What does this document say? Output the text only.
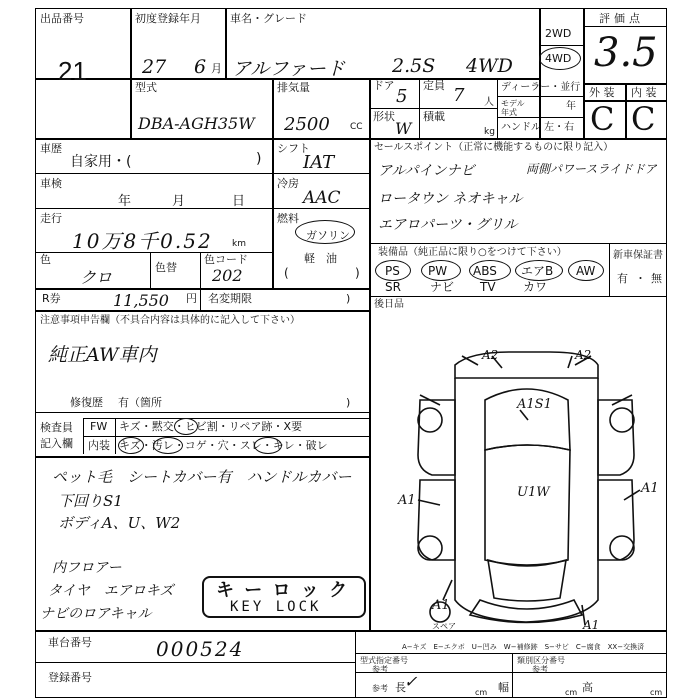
出品番号
21
初度登録年月
27 6 月
車名・グレード
アルファード 2.5S 4WD
2WD
4WD
評価点
3.5
型式
DBA-AGH35W
排気量
2500 CC
ドア
5
定員 7 人
形状
W
積載
kg
ディーラー・並行
モデル年式
年
ハンドル 左・右
外 装 内 装
C C
車歴
自家用・(	)
車検
年	月	日
走行
10万8千0.52 km
色
クロ
色替
色コード
202
シフト
IAT
冷房
AAC
燃料
ガソリン
軽　油
(	)
R券	11,550 円 名変期限	)
注意事項申告欄（不具合内容は具体的に記入して下さい）
純正AW車内
修復歴 有（箇所	)
検査員
記入欄
FW キズ・黙交・ヒビ割・リペア跡・X要
内装 キズ・汚レ・コゲ・穴・スレ・キレ・破レ
ペット毛　シートカバー有　ハンドルカバー
下回りS1
ボディA、U、W2
内フロアー
タイヤ　エアロキズ
ナビのロアキャル
キ ー ロ ッ ク
KEY LOCK
セールスポイント（正常に機能するものに限り記入）
アルパインナビ	両側パワースライドドア
ロータウン ネオキャル
エアロパーツ・グリル
装備品（純正品に限り○をつけて下さい）
PS PW ABS エアB AW
SR ナビ TV カワ
新車保証書
有 ・ 無
後日品
A2	A2
A1S1
A1
A1
U1W
A1
A1
スペア
A−キズ　E−エクボ　U−凹み　W−補修跡　S−サビ　C−腐食　XX−交換済
車台番号	000524
登録番号
型式指定番号
参考
類別区分番号
参考
参考 長
✓
cm 幅	cm 高	cm
